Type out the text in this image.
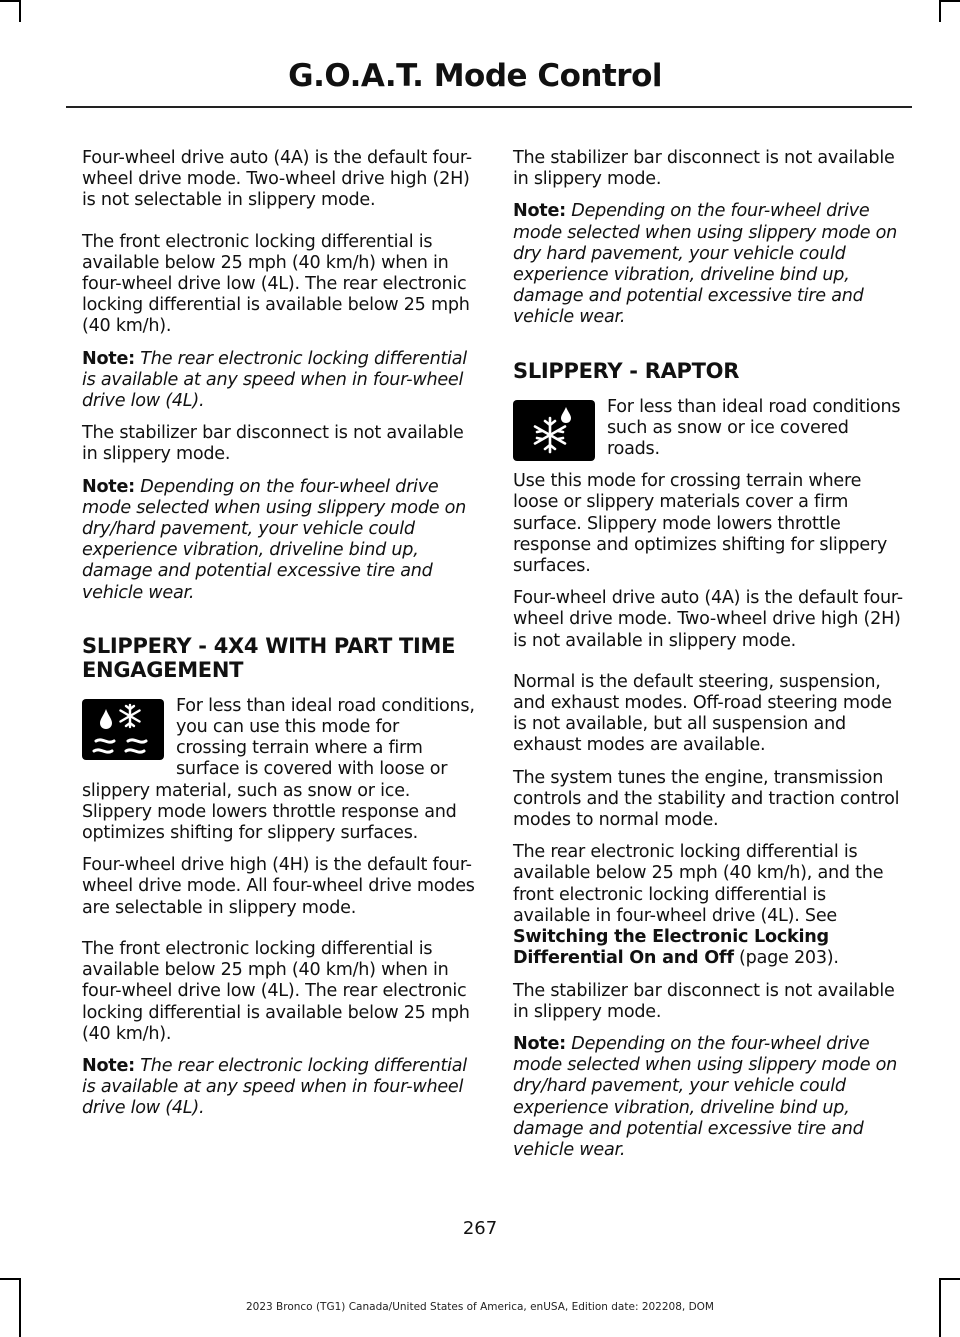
G.O.A.T. Mode Control

Four-wheel drive auto (4A) is the default four-wheel drive mode. Two-wheel drive high (2H) is not selectable in slippery mode.

The front electronic locking differential is available below 25 mph (40 km/h) when in four-wheel drive low (4L). The rear electronic locking differential is available below 25 mph (40 km/h).

Note: The rear electronic locking differential is available at any speed when in four-wheel drive low (4L).

The stabilizer bar disconnect is not available in slippery mode.

Note: Depending on the four-wheel drive mode selected when using slippery mode on dry/hard pavement, your vehicle could experience vibration, driveline bind up, damage and potential excessive tire and vehicle wear.

SLIPPERY - 4X4 WITH PART TIME ENGAGEMENT

For less than ideal road conditions, you can use this mode for crossing terrain where a firm surface is covered with loose or slippery material, such as snow or ice. Slippery mode lowers throttle response and optimizes shifting for slippery surfaces.

Four-wheel drive high (4H) is the default four-wheel drive mode. All four-wheel drive modes are selectable in slippery mode.

The front electronic locking differential is available below 25 mph (40 km/h) when in four-wheel drive low (4L). The rear electronic locking differential is available below 25 mph (40 km/h).

Note: The rear electronic locking differential is available at any speed when in four-wheel drive low (4L).

The stabilizer bar disconnect is not available in slippery mode.

Note: Depending on the four-wheel drive mode selected when using slippery mode on dry hard pavement, your vehicle could experience vibration, driveline bind up, damage and potential excessive tire and vehicle wear.

SLIPPERY - RAPTOR

For less than ideal road conditions such as snow or ice covered roads.

Use this mode for crossing terrain where loose or slippery materials cover a firm surface. Slippery mode lowers throttle response and optimizes shifting for slippery surfaces.

Four-wheel drive auto (4A) is the default four-wheel drive mode. Two-wheel drive high (2H) is not available in slippery mode.

Normal is the default steering, suspension, and exhaust modes. Off-road steering mode is not available, but all suspension and exhaust modes are available.

The system tunes the engine, transmission controls and the stability and traction control modes to normal mode.

The rear electronic locking differential is available below 25 mph (40 km/h), and the front electronic locking differential is available in four-wheel drive (4L). See Switching the Electronic Locking Differential On and Off (page 203).

The stabilizer bar disconnect is not available in slippery mode.

Note: Depending on the four-wheel drive mode selected when using slippery mode on dry/hard pavement, your vehicle could experience vibration, driveline bind up, damage and potential excessive tire and vehicle wear.

267
2023 Bronco (TG1) Canada/United States of America, enUSA, Edition date: 202208, DOM
